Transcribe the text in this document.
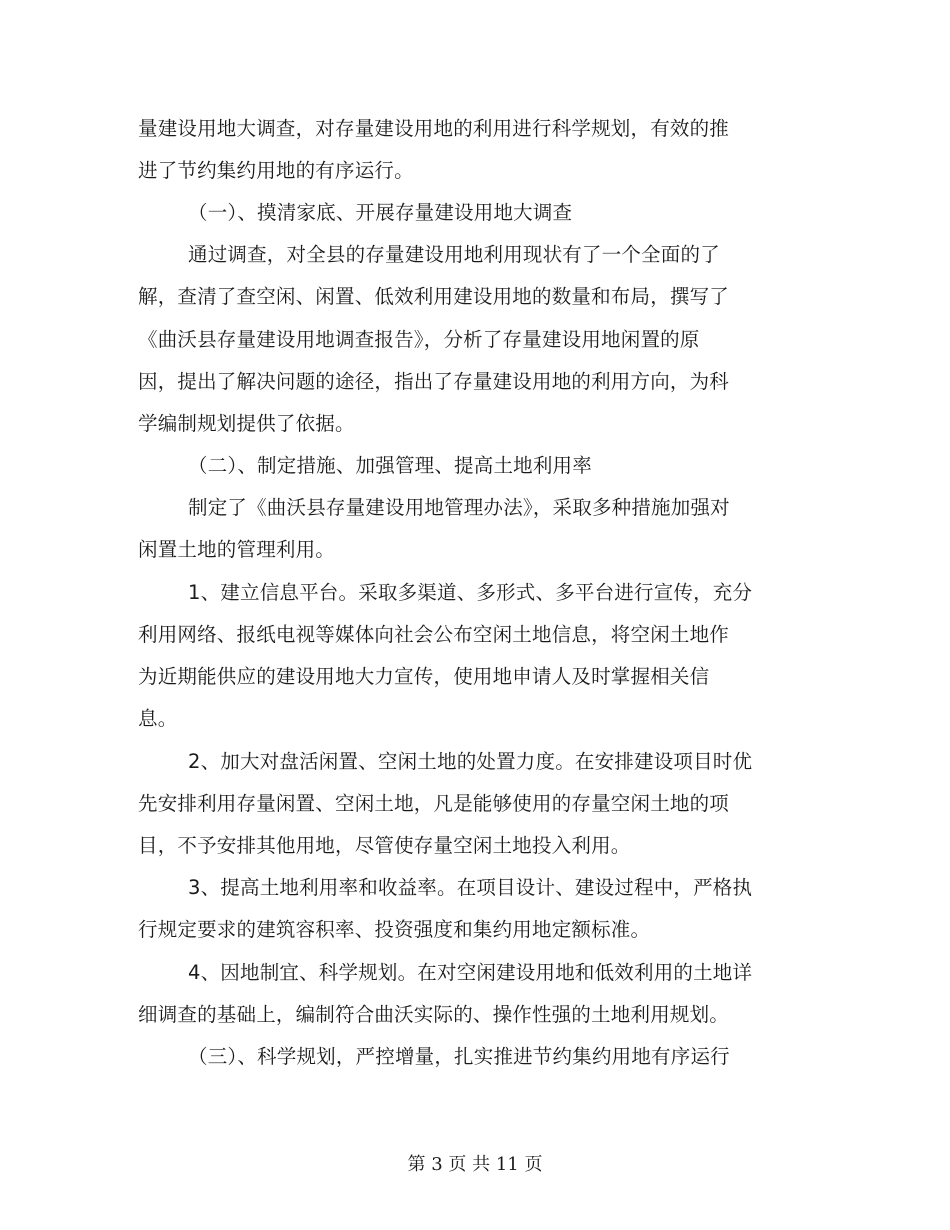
量建设用地大调查，对存量建设用地的利用进行科学规划，有效的推
进了节约集约用地的有序运行。
（一）、摸清家底、开展存量建设用地大调查
通过调查，对全县的存量建设用地利用现状有了一个全面的了
解，查清了查空闲、闲置、低效利用建设用地的数量和布局，撰写了
《曲沃县存量建设用地调查报告》，分析了存量建设用地闲置的原
因，提出了解决问题的途径，指出了存量建设用地的利用方向，为科
学编制规划提供了依据。
（二）、制定措施、加强管理、提高土地利用率
制定了《曲沃县存量建设用地管理办法》，采取多种措施加强对
闲置土地的管理利用。
1、建立信息平台。采取多渠道、多形式、多平台进行宣传，充分
利用网络、报纸电视等媒体向社会公布空闲土地信息，将空闲土地作
为近期能供应的建设用地大力宣传，使用地申请人及时掌握相关信
息。
2、加大对盘活闲置、空闲土地的处置力度。在安排建设项目时优
先安排利用存量闲置、空闲土地，凡是能够使用的存量空闲土地的项
目，不予安排其他用地，尽管使存量空闲土地投入利用。
3、提高土地利用率和收益率。在项目设计、建设过程中，严格执
行规定要求的建筑容积率、投资强度和集约用地定额标准。
4、因地制宜、科学规划。在对空闲建设用地和低效利用的土地详
细调查的基础上，编制符合曲沃实际的、操作性强的土地利用规划。
（三）、科学规划，严控增量，扎实推进节约集约用地有序运行
第 3 页 共 11 页
